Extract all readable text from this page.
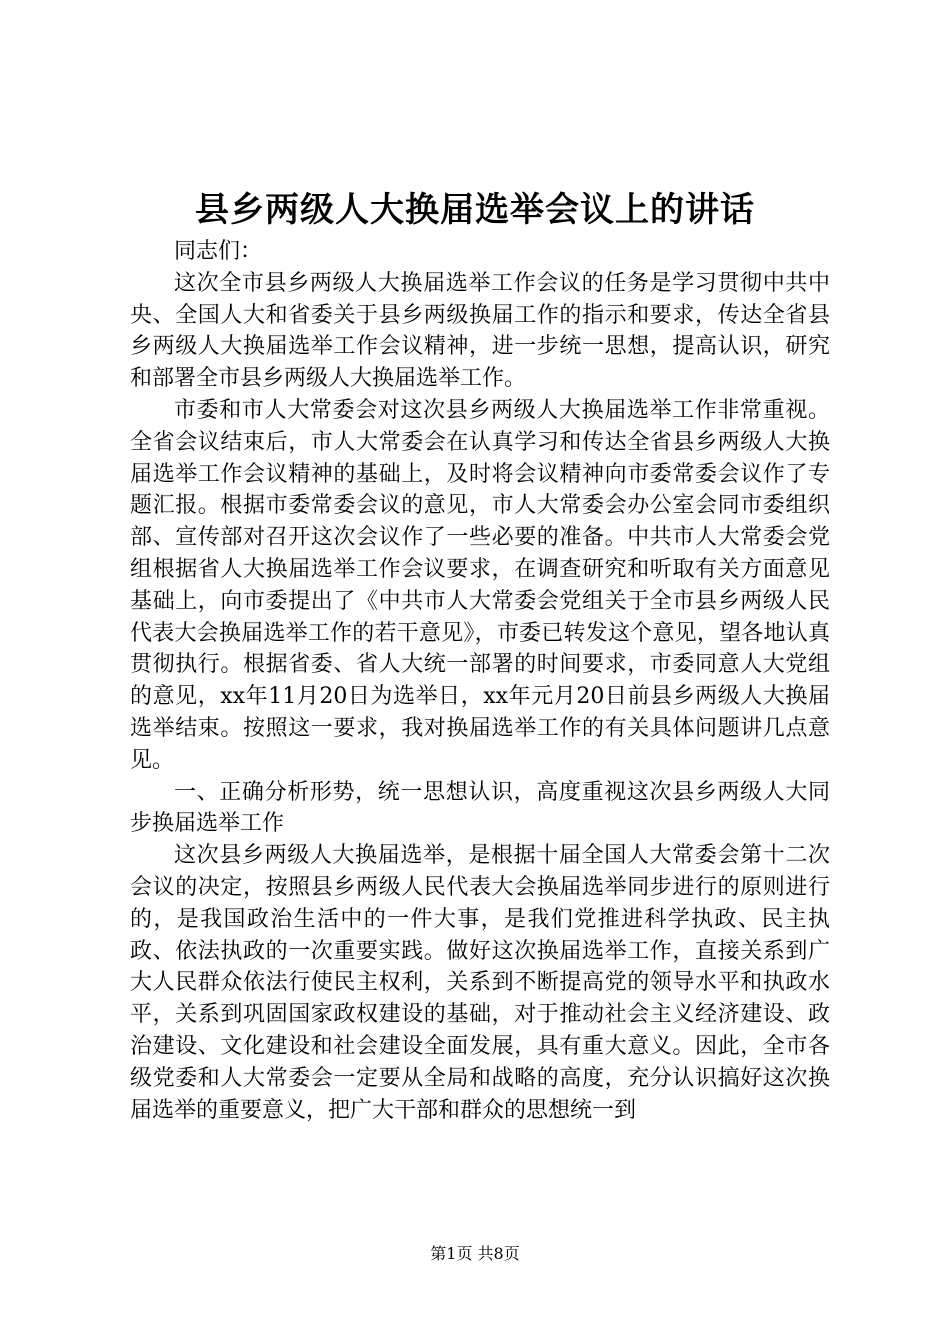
县乡两级人大换届选举会议上的讲话

同志们：

这次全市县乡两级人大换届选举工作会议的任务是学习贯彻中共中央、全国人大和省委关于县乡两级换届工作的指示和要求，传达全省县乡两级人大换届选举工作会议精神，进一步统一思想，提高认识，研究和部署全市县乡两级人大换届选举工作。

市委和市人大常委会对这次县乡两级人大换届选举工作非常重视。全省会议结束后，市人大常委会在认真学习和传达全省县乡两级人大换届选举工作会议精神的基础上，及时将会议精神向市委常委会议作了专题汇报。根据市委常委会议的意见，市人大常委会办公室会同市委组织部、宣传部对召开这次会议作了一些必要的准备。中共市人大常委会党组根据省人大换届选举工作会议要求，在调查研究和听取有关方面意见基础上，向市委提出了《中共市人大常委会党组关于全市县乡两级人民代表大会换届选举工作的若干意见》，市委已转发这个意见，望各地认真贯彻执行。根据省委、省人大统一部署的时间要求，市委同意人大党组的意见，xx年11月20日为选举日，xx年元月20日前县乡两级人大换届选举结束。按照这一要求，我对换届选举工作的有关具体问题讲几点意见。

一、正确分析形势，统一思想认识，高度重视这次县乡两级人大同步换届选举工作

这次县乡两级人大换届选举，是根据十届全国人大常委会第十二次会议的决定，按照县乡两级人民代表大会换届选举同步进行的原则进行的，是我国政治生活中的一件大事，是我们党推进科学执政、民主执政、依法执政的一次重要实践。做好这次换届选举工作，直接关系到广大人民群众依法行使民主权利，关系到不断提高党的领导水平和执政水平，关系到巩固国家政权建设的基础，对于推动社会主义经济建设、政治建设、文化建设和社会建设全面发展，具有重大意义。因此，全市各级党委和人大常委会一定要从全局和战略的高度，充分认识搞好这次换届选举的重要意义，把广大干部和群众的思想统一到

第1页 共8页
